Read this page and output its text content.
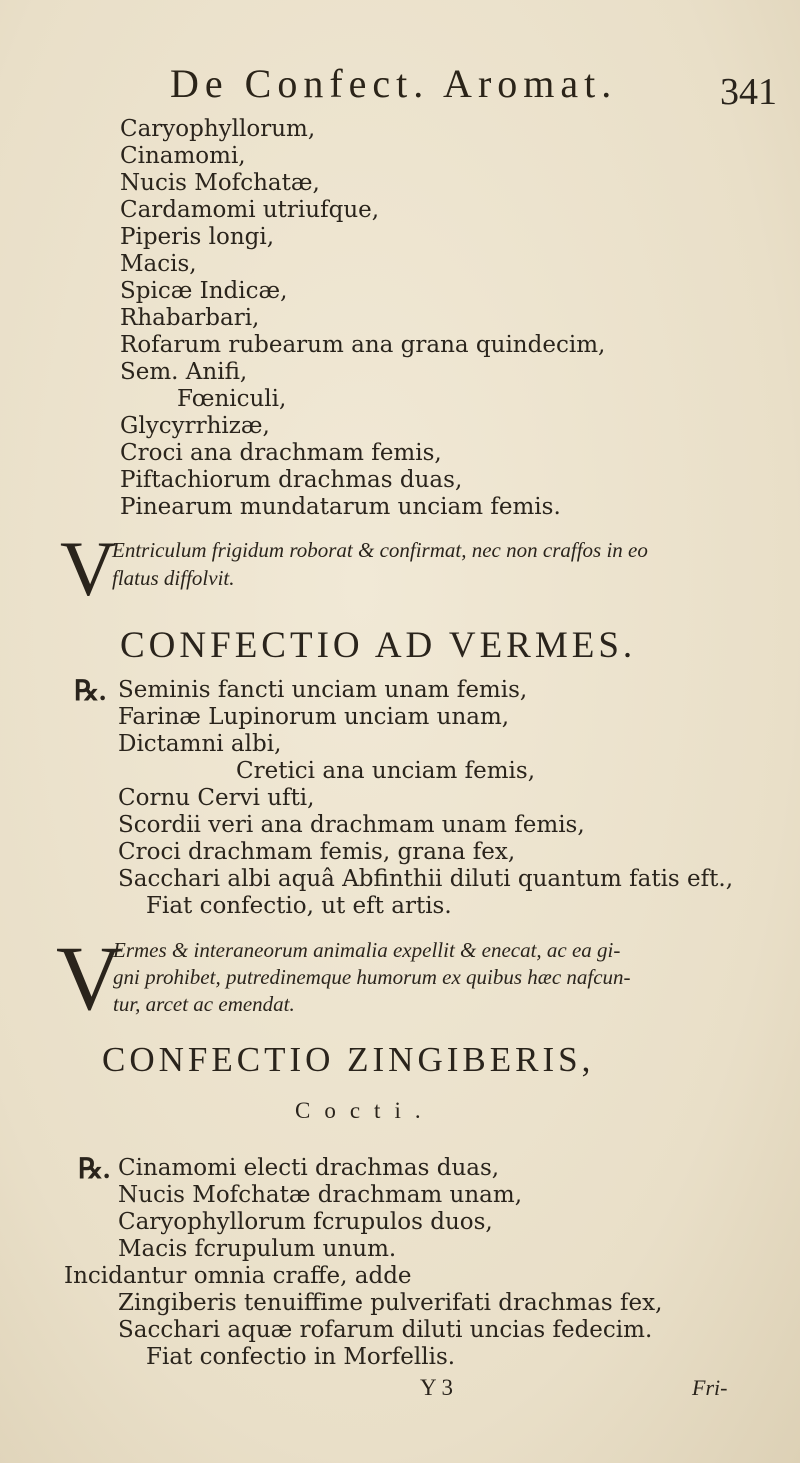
De Confect. Aromat.	341
Caryophyllorum,
Cinamomi,
Nucis Mofchatæ,
Cardamomi utriufque,
Piperis longi,
Macis,
Spicæ Indicæ,
Rhabarbari,
Rofarum rubearum ana grana quindecim,
Sem. Anifi,
Fœniculi,
Glycyrrhizæ,
Croci ana drachmam femis,
Piftachiorum drachmas duas,
Pinearum mundatarum unciam femis.
V
Entriculum frigidum roborat & confirmat, nec non craffos in eo
flatus diffolvit.
CONFECTIO AD VERMES.
℞. Seminis fancti unciam unam femis,
Farinæ Lupinorum unciam unam,
Dictamni albi,
Cretici ana unciam femis,
Cornu Cervi ufti,
Scordii veri ana drachmam unam femis,
Croci drachmam femis, grana fex,
Sacchari albi aquâ Abfinthii diluti quantum fatis eft.,
Fiat confectio, ut eft artis.
V
Ermes & interaneorum animalia expellit & enecat, ac ea gi-
gni prohibet, putredinemque humorum ex quibus hæc nafcun-
tur, arcet ac emendat.
CONFECTIO ZINGIBERIS,
Cocti.
℞. Cinamomi electi drachmas duas,
Nucis Mofchatæ drachmam unam,
Caryophyllorum fcrupulos duos,
Macis fcrupulum unum.
Incidantur omnia craffe, adde
Zingiberis tenuiffime pulverifati drachmas fex,
Sacchari aquæ rofarum diluti uncias fedecim.
Fiat confectio in Morfellis.
Y 3	Fri-
